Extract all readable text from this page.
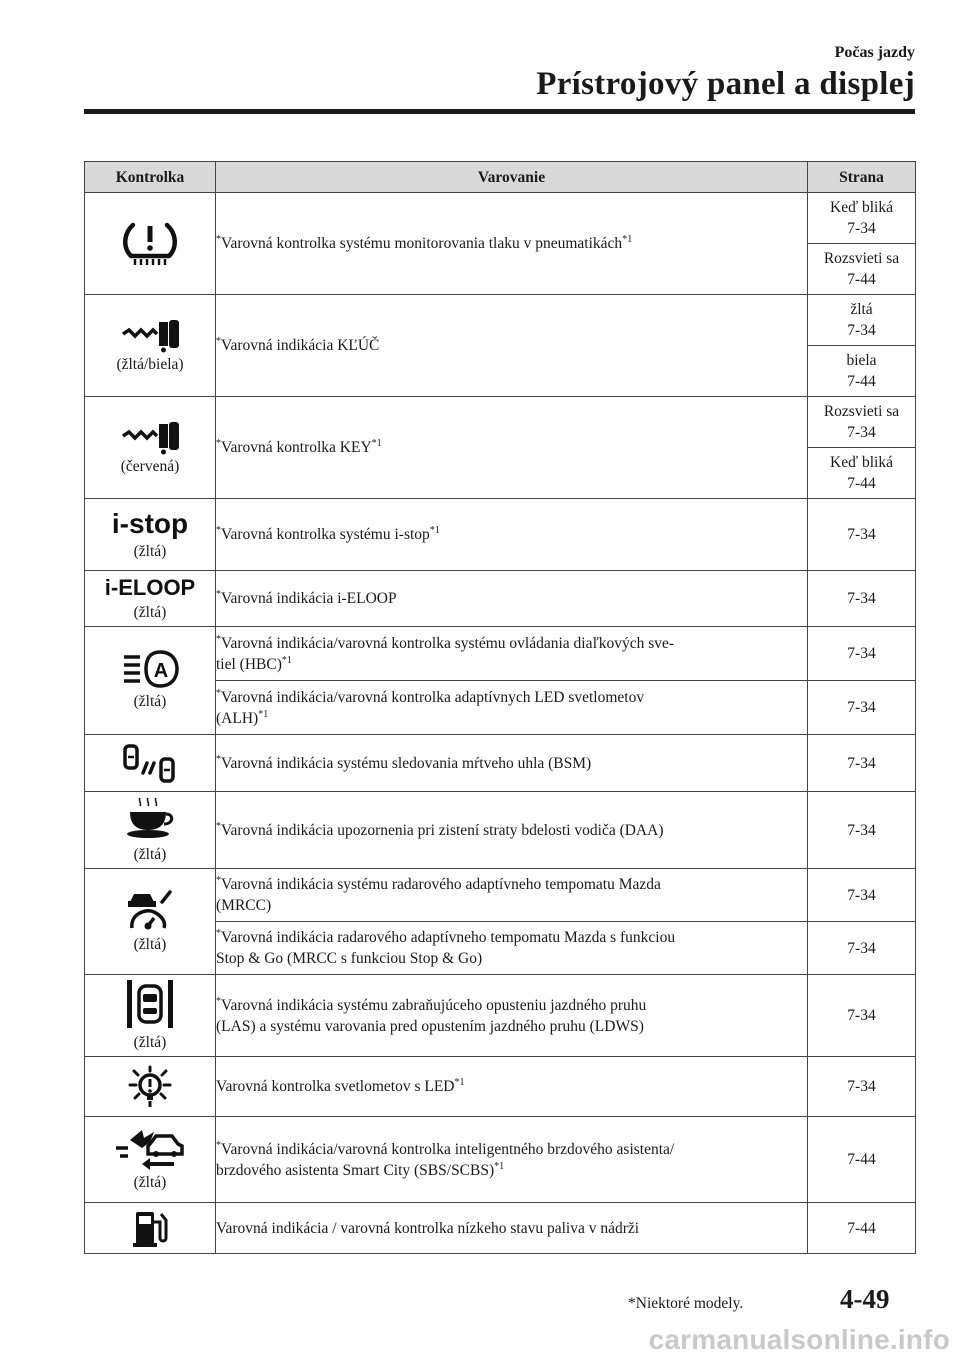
Počas jazdy
Prístrojový panel a displej
Kontrolka	Varovanie	Strana

	*Varovná kontrolka systému monitorovania tlaku v pneumatikách$^{*1}$	Keď bliká
7-34
		Rozsvieti sa
7-44

(žltá/biela)	*Varovná indikácia KĽÚČ	žltá
7-34
		biela
7-44

(červená)	*Varovná kontrolka KEY$^{*1}$	Rozsvieti sa
7-34
		Keď bliká
7-44

i-stop
(žltá)	*Varovná kontrolka systému i-stop$^{*1}$	7-34

i-ELOOP
(žltá)	*Varovná indikácia i-ELOOP	7-34

A
(žltá)	*Varovná indikácia/varovná kontrolka systému ovládania diaľkových sve-
tiel (HBC)$^{*1}$	7-34
	*Varovná indikácia/varovná kontrolka adaptívnych LED svetlometov
(ALH)$^{*1}$	7-34

	*Varovná indikácia systému sledovania mŕtveho uhla (BSM)	7-34

(žltá)	*Varovná indikácia upozornenia pri zistení straty bdelosti vodiča (DAA)	7-34

(žltá)	*Varovná indikácia systému radarového adaptívneho tempomatu Mazda
(MRCC)	7-34
	*Varovná indikácia radarového adaptívneho tempomatu Mazda s funkciou
Stop & Go (MRCC s funkciou Stop & Go)	7-34

(žltá)	*Varovná indikácia systému zabraňujúceho opusteniu jazdného pruhu
(LAS) a systému varovania pred opustením jazdného pruhu (LDWS)	7-34

	Varovná kontrolka svetlometov s LED$^{*1}$	7-34

(žltá)	*Varovná indikácia/varovná kontrolka inteligentného brzdového asistenta/
brzdového asistenta Smart City (SBS/SCBS)$^{*1}$	7-44

	Varovná indikácia / varovná kontrolka nízkeho stavu paliva v nádrži	7-44
*Niektoré modely.	4-49
carmanualsonline.info
